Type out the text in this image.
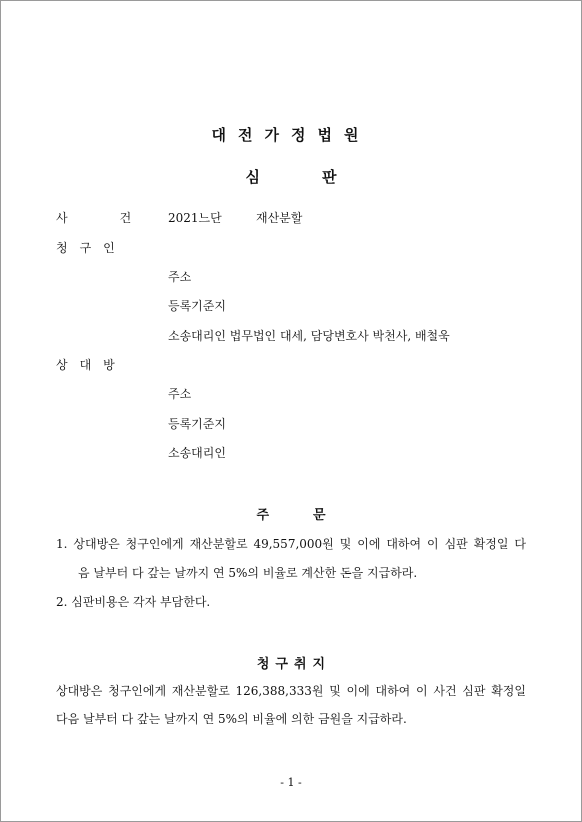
대전가정법원
심판
사건
2021느단	재산분할
청구인
주소
등록기준지
소송대리인 법무법인 대세, 담당변호사 박천사, 배철욱
상대방
주소
등록기준지
소송대리인
주문
1. 상대방은 청구인에게 재산분할로 49,557,000원 및 이에 대하여 이 심판 확정일 다
음 날부터 다 갚는 날까지 연 5%의 비율로 계산한 돈을 지급하라.
2. 심판비용은 각자 부담한다.
청구취지
상대방은 청구인에게 재산분할로 126,388,333원 및 이에 대하여 이 사건 심판 확정일
다음 날부터 다 갚는 날까지 연 5%의 비율에 의한 금원을 지급하라.
- 1 -
